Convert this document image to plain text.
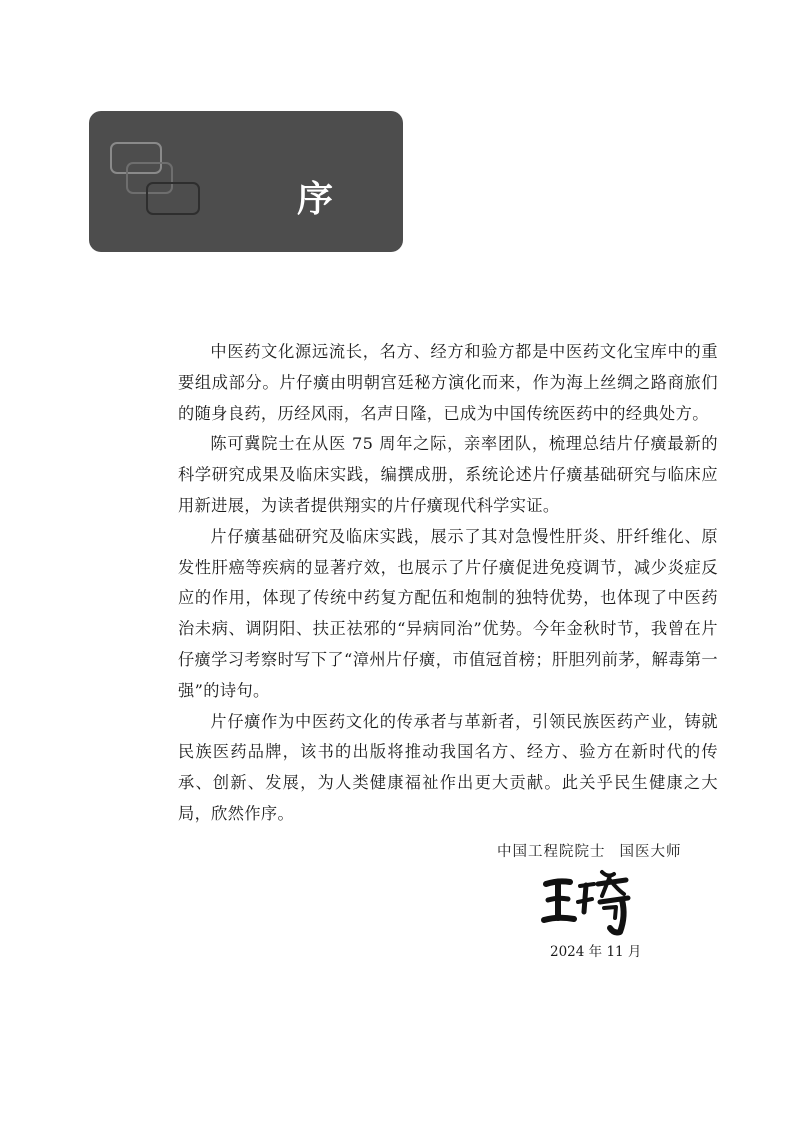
序

中医药文化源远流长，名方、经方和验方都是中医药文化宝库中的重要组成部分。片仔癀由明朝宫廷秘方演化而来，作为海上丝绸之路商旅们的随身良药，历经风雨，名声日隆，已成为中国传统医药中的经典处方。

陈可冀院士在从医 75 周年之际，亲率团队，梳理总结片仔癀最新的科学研究成果及临床实践，编撰成册，系统论述片仔癀基础研究与临床应用新进展，为读者提供翔实的片仔癀现代科学实证。

片仔癀基础研究及临床实践，展示了其对急慢性肝炎、肝纤维化、原发性肝癌等疾病的显著疗效，也展示了片仔癀促进免疫调节，减少炎症反应的作用，体现了传统中药复方配伍和炮制的独特优势，也体现了中医药治未病、调阴阳、扶正祛邪的“异病同治”优势。今年金秋时节，我曾在片仔癀学习考察时写下了“漳州片仔癀，市值冠首榜；肝胆列前茅，解毒第一强”的诗句。

片仔癀作为中医药文化的传承者与革新者，引领民族医药产业，铸就民族医药品牌，该书的出版将推动我国名方、经方、验方在新时代的传承、创新、发展，为人类健康福祉作出更大贡献。此关乎民生健康之大局，欣然作序。

中国工程院院士 国医大师
2024 年 11 月
